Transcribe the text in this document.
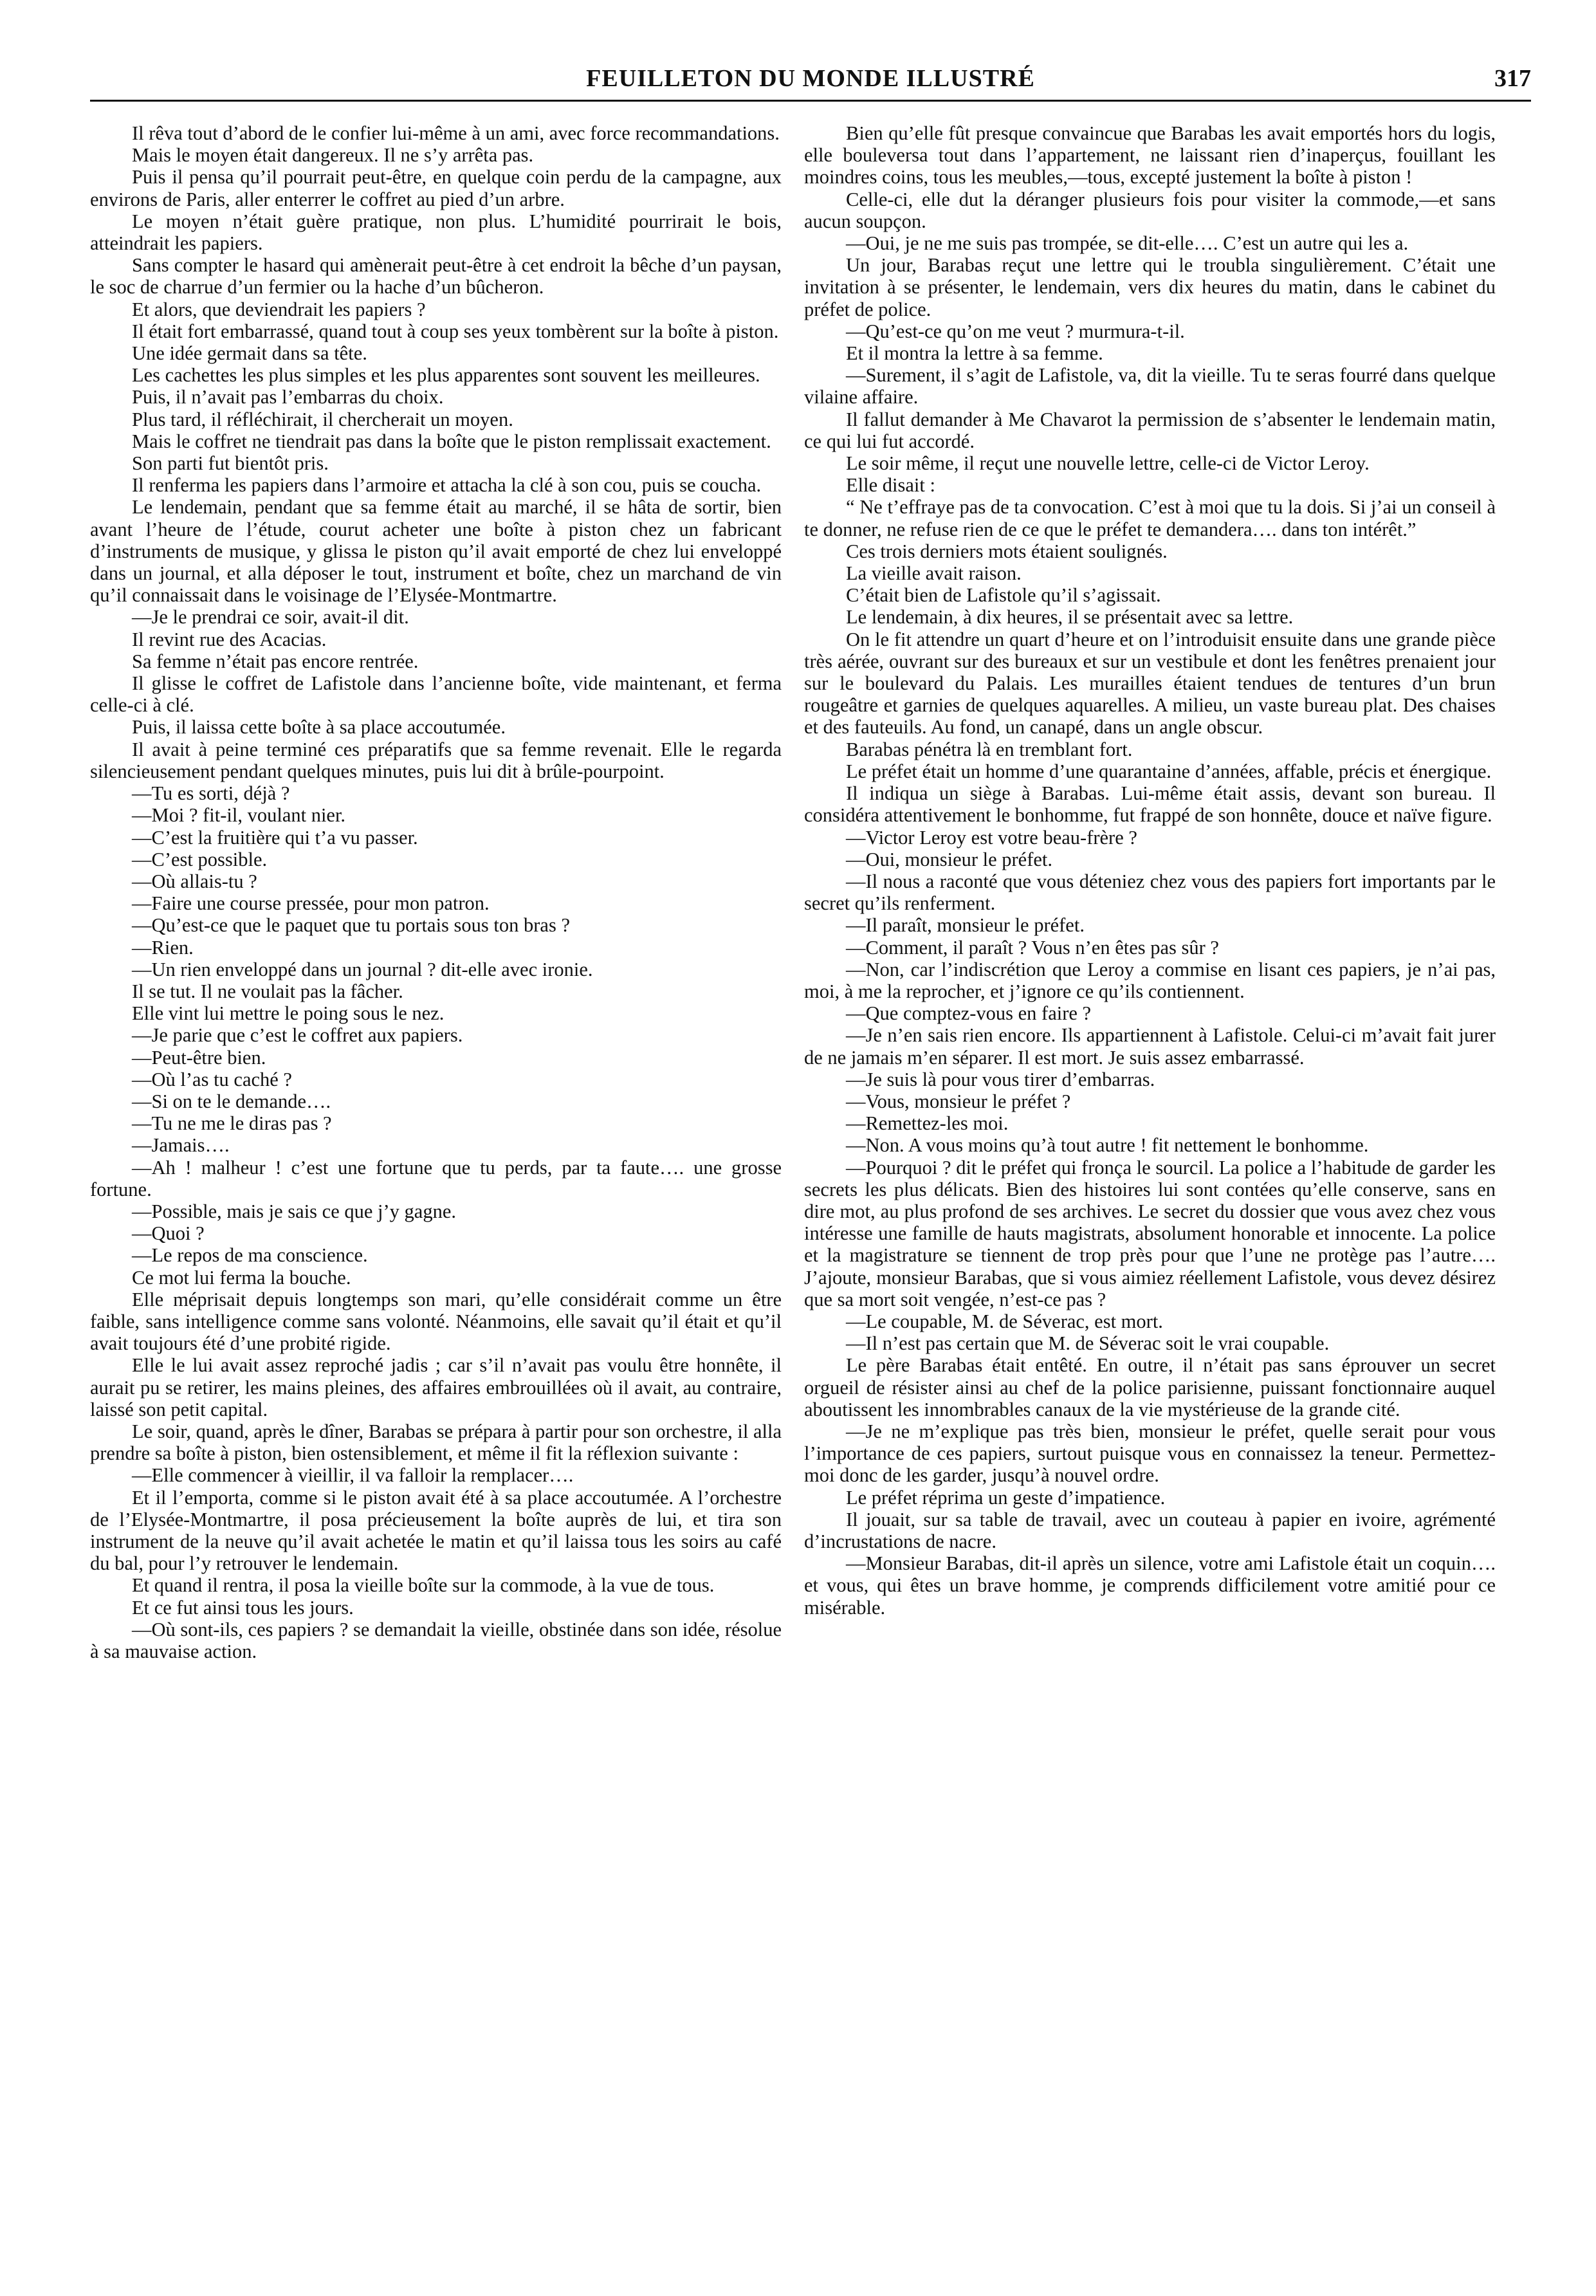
FEUILLETON DU MONDE ILLUSTRÉ	317

Il rêva tout d’abord de le confier lui-même à un ami, avec force recommandations.

Mais le moyen était dangereux. Il ne s’y arrêta pas.

Puis il pensa qu’il pourrait peut-être, en quelque coin perdu de la campagne, aux environs de Paris, aller enterrer le coffret au pied d’un arbre.

Le moyen n’était guère pratique, non plus. L’humidité pourrirait le bois, atteindrait les papiers.

Sans compter le hasard qui amènerait peut-être à cet endroit la bêche d’un paysan, le soc de charrue d’un fermier ou la hache d’un bûcheron.

Et alors, que deviendrait les papiers ?

Il était fort embarrassé, quand tout à coup ses yeux tombèrent sur la boîte à piston.

Une idée germait dans sa tête.

Les cachettes les plus simples et les plus apparentes sont souvent les meilleures.

Puis, il n’avait pas l’embarras du choix.

Plus tard, il réfléchirait, il chercherait un moyen.

Mais le coffret ne tiendrait pas dans la boîte que le piston remplissait exactement.

Son parti fut bientôt pris.

Il renferma les papiers dans l’armoire et attacha la clé à son cou, puis se coucha.

Le lendemain, pendant que sa femme était au marché, il se hâta de sortir, bien avant l’heure de l’étude, courut acheter une boîte à piston chez un fabricant d’instruments de musique, y glissa le piston qu’il avait emporté de chez lui enveloppé dans un journal, et alla déposer le tout, instrument et boîte, chez un marchand de vin qu’il connaissait dans le voisinage de l’Elysée-Montmartre.

—Je le prendrai ce soir, avait-il dit.

Il revint rue des Acacias.

Sa femme n’était pas encore rentrée.

Il glisse le coffret de Lafistole dans l’ancienne boîte, vide maintenant, et ferma celle-ci à clé.

Puis, il laissa cette boîte à sa place accoutumée.

Il avait à peine terminé ces préparatifs que sa femme revenait. Elle le regarda silencieusement pendant quelques minutes, puis lui dit à brûle-pourpoint.

—Tu es sorti, déjà ?

—Moi ? fit-il, voulant nier.

—C’est la fruitière qui t’a vu passer.

—C’est possible.

—Où allais-tu ?

—Faire une course pressée, pour mon patron.

—Qu’est-ce que le paquet que tu portais sous ton bras ?

—Rien.

—Un rien enveloppé dans un journal ? dit-elle avec ironie.

Il se tut. Il ne voulait pas la fâcher.

Elle vint lui mettre le poing sous le nez.

—Je parie que c’est le coffret aux papiers.

—Peut-être bien.

—Où l’as tu caché ?

—Si on te le demande….

—Tu ne me le diras pas ?

—Jamais….

—Ah ! malheur ! c’est une fortune que tu perds, par ta faute…. une grosse fortune.

—Possible, mais je sais ce que j’y gagne.

—Quoi ?

—Le repos de ma conscience.

Ce mot lui ferma la bouche.

Elle méprisait depuis longtemps son mari, qu’elle considérait comme un être faible, sans intelligence comme sans volonté. Néanmoins, elle savait qu’il était et qu’il avait toujours été d’une probité rigide.

Elle le lui avait assez reproché jadis ; car s’il n’avait pas voulu être honnête, il aurait pu se retirer, les mains pleines, des affaires embrouillées où il avait, au contraire, laissé son petit capital.

Le soir, quand, après le dîner, Barabas se prépara à partir pour son orchestre, il alla prendre sa boîte à piston, bien ostensiblement, et même il fit la réflexion suivante :

—Elle commencer à vieillir, il va falloir la remplacer….

Et il l’emporta, comme si le piston avait été à sa place accoutumée. A l’orchestre de l’Elysée-Montmartre, il posa précieusement la boîte auprès de lui, et tira son instrument de la neuve qu’il avait achetée le matin et qu’il laissa tous les soirs au café du bal, pour l’y retrouver le lendemain.

Et quand il rentra, il posa la vieille boîte sur la commode, à la vue de tous.

Et ce fut ainsi tous les jours.

—Où sont-ils, ces papiers ? se demandait la vieille, obstinée dans son idée, résolue à sa mauvaise action.

Bien qu’elle fût presque convaincue que Barabas les avait emportés hors du logis, elle bouleversa tout dans l’appartement, ne laissant rien d’inaperçus, fouillant les moindres coins, tous les meubles,—tous, excepté justement la boîte à piston !

Celle-ci, elle dut la déranger plusieurs fois pour visiter la commode,—et sans aucun soupçon.

—Oui, je ne me suis pas trompée, se dit-elle…. C’est un autre qui les a.

Un jour, Barabas reçut une lettre qui le troubla singulièrement. C’était une invitation à se présenter, le lendemain, vers dix heures du matin, dans le cabinet du préfet de police.

—Qu’est-ce qu’on me veut ? murmura-t-il.

Et il montra la lettre à sa femme.

—Surement, il s’agit de Lafistole, va, dit la vieille. Tu te seras fourré dans quelque vilaine affaire.

Il fallut demander à Me Chavarot la permission de s’absenter le lendemain matin, ce qui lui fut accordé.

Le soir même, il reçut une nouvelle lettre, celle-ci de Victor Leroy.

Elle disait :

“ Ne t’effraye pas de ta convocation. C’est à moi que tu la dois. Si j’ai un conseil à te donner, ne refuse rien de ce que le préfet te demandera…. dans ton intérêt.”

Ces trois derniers mots étaient soulignés.

La vieille avait raison.

C’était bien de Lafistole qu’il s’agissait.

Le lendemain, à dix heures, il se présentait avec sa lettre.

On le fit attendre un quart d’heure et on l’introduisit ensuite dans une grande pièce très aérée, ouvrant sur des bureaux et sur un vestibule et dont les fenêtres prenaient jour sur le boulevard du Palais. Les murailles étaient tendues de tentures d’un brun rougeâtre et garnies de quelques aquarelles. A milieu, un vaste bureau plat. Des chaises et des fauteuils. Au fond, un canapé, dans un angle obscur.

Barabas pénétra là en tremblant fort.

Le préfet était un homme d’une quarantaine d’années, affable, précis et énergique.

Il indiqua un siège à Barabas. Lui-même était assis, devant son bureau. Il considéra attentivement le bonhomme, fut frappé de son honnête, douce et naïve figure.

—Victor Leroy est votre beau-frère ?

—Oui, monsieur le préfet.

—Il nous a raconté que vous déteniez chez vous des papiers fort importants par le secret qu’ils renferment.

—Il paraît, monsieur le préfet.

—Comment, il paraît ? Vous n’en êtes pas sûr ?

—Non, car l’indiscrétion que Leroy a commise en lisant ces papiers, je n’ai pas, moi, à me la reprocher, et j’ignore ce qu’ils contiennent.

—Que comptez-vous en faire ?

—Je n’en sais rien encore. Ils appartiennent à Lafistole. Celui-ci m’avait fait jurer de ne jamais m’en séparer. Il est mort. Je suis assez embarrassé.

—Je suis là pour vous tirer d’embarras.

—Vous, monsieur le préfet ?

—Remettez-les moi.

—Non. A vous moins qu’à tout autre ! fit nettement le bonhomme.

—Pourquoi ? dit le préfet qui fronça le sourcil. La police a l’habitude de garder les secrets les plus délicats. Bien des histoires lui sont contées qu’elle conserve, sans en dire mot, au plus profond de ses archives. Le secret du dossier que vous avez chez vous intéresse une famille de hauts magistrats, absolument honorable et innocente. La police et la magistrature se tiennent de trop près pour que l’une ne protège pas l’autre…. J’ajoute, monsieur Barabas, que si vous aimiez réellement Lafistole, vous devez désirez que sa mort soit vengée, n’est-ce pas ?

—Le coupable, M. de Séverac, est mort.

—Il n’est pas certain que M. de Séverac soit le vrai coupable.

Le père Barabas était entêté. En outre, il n’était pas sans éprouver un secret orgueil de résister ainsi au chef de la police parisienne, puissant fonctionnaire auquel aboutissent les innombrables canaux de la vie mystérieuse de la grande cité.

—Je ne m’explique pas très bien, monsieur le préfet, quelle serait pour vous l’importance de ces papiers, surtout puisque vous en connaissez la teneur. Permettez-moi donc de les garder, jusqu’à nouvel ordre.

Le préfet réprima un geste d’impatience.

Il jouait, sur sa table de travail, avec un couteau à papier en ivoire, agrémenté d’incrustations de nacre.

—Monsieur Barabas, dit-il après un silence, votre ami Lafistole était un coquin…. et vous, qui êtes un brave homme, je comprends difficilement votre amitié pour ce misérable.
